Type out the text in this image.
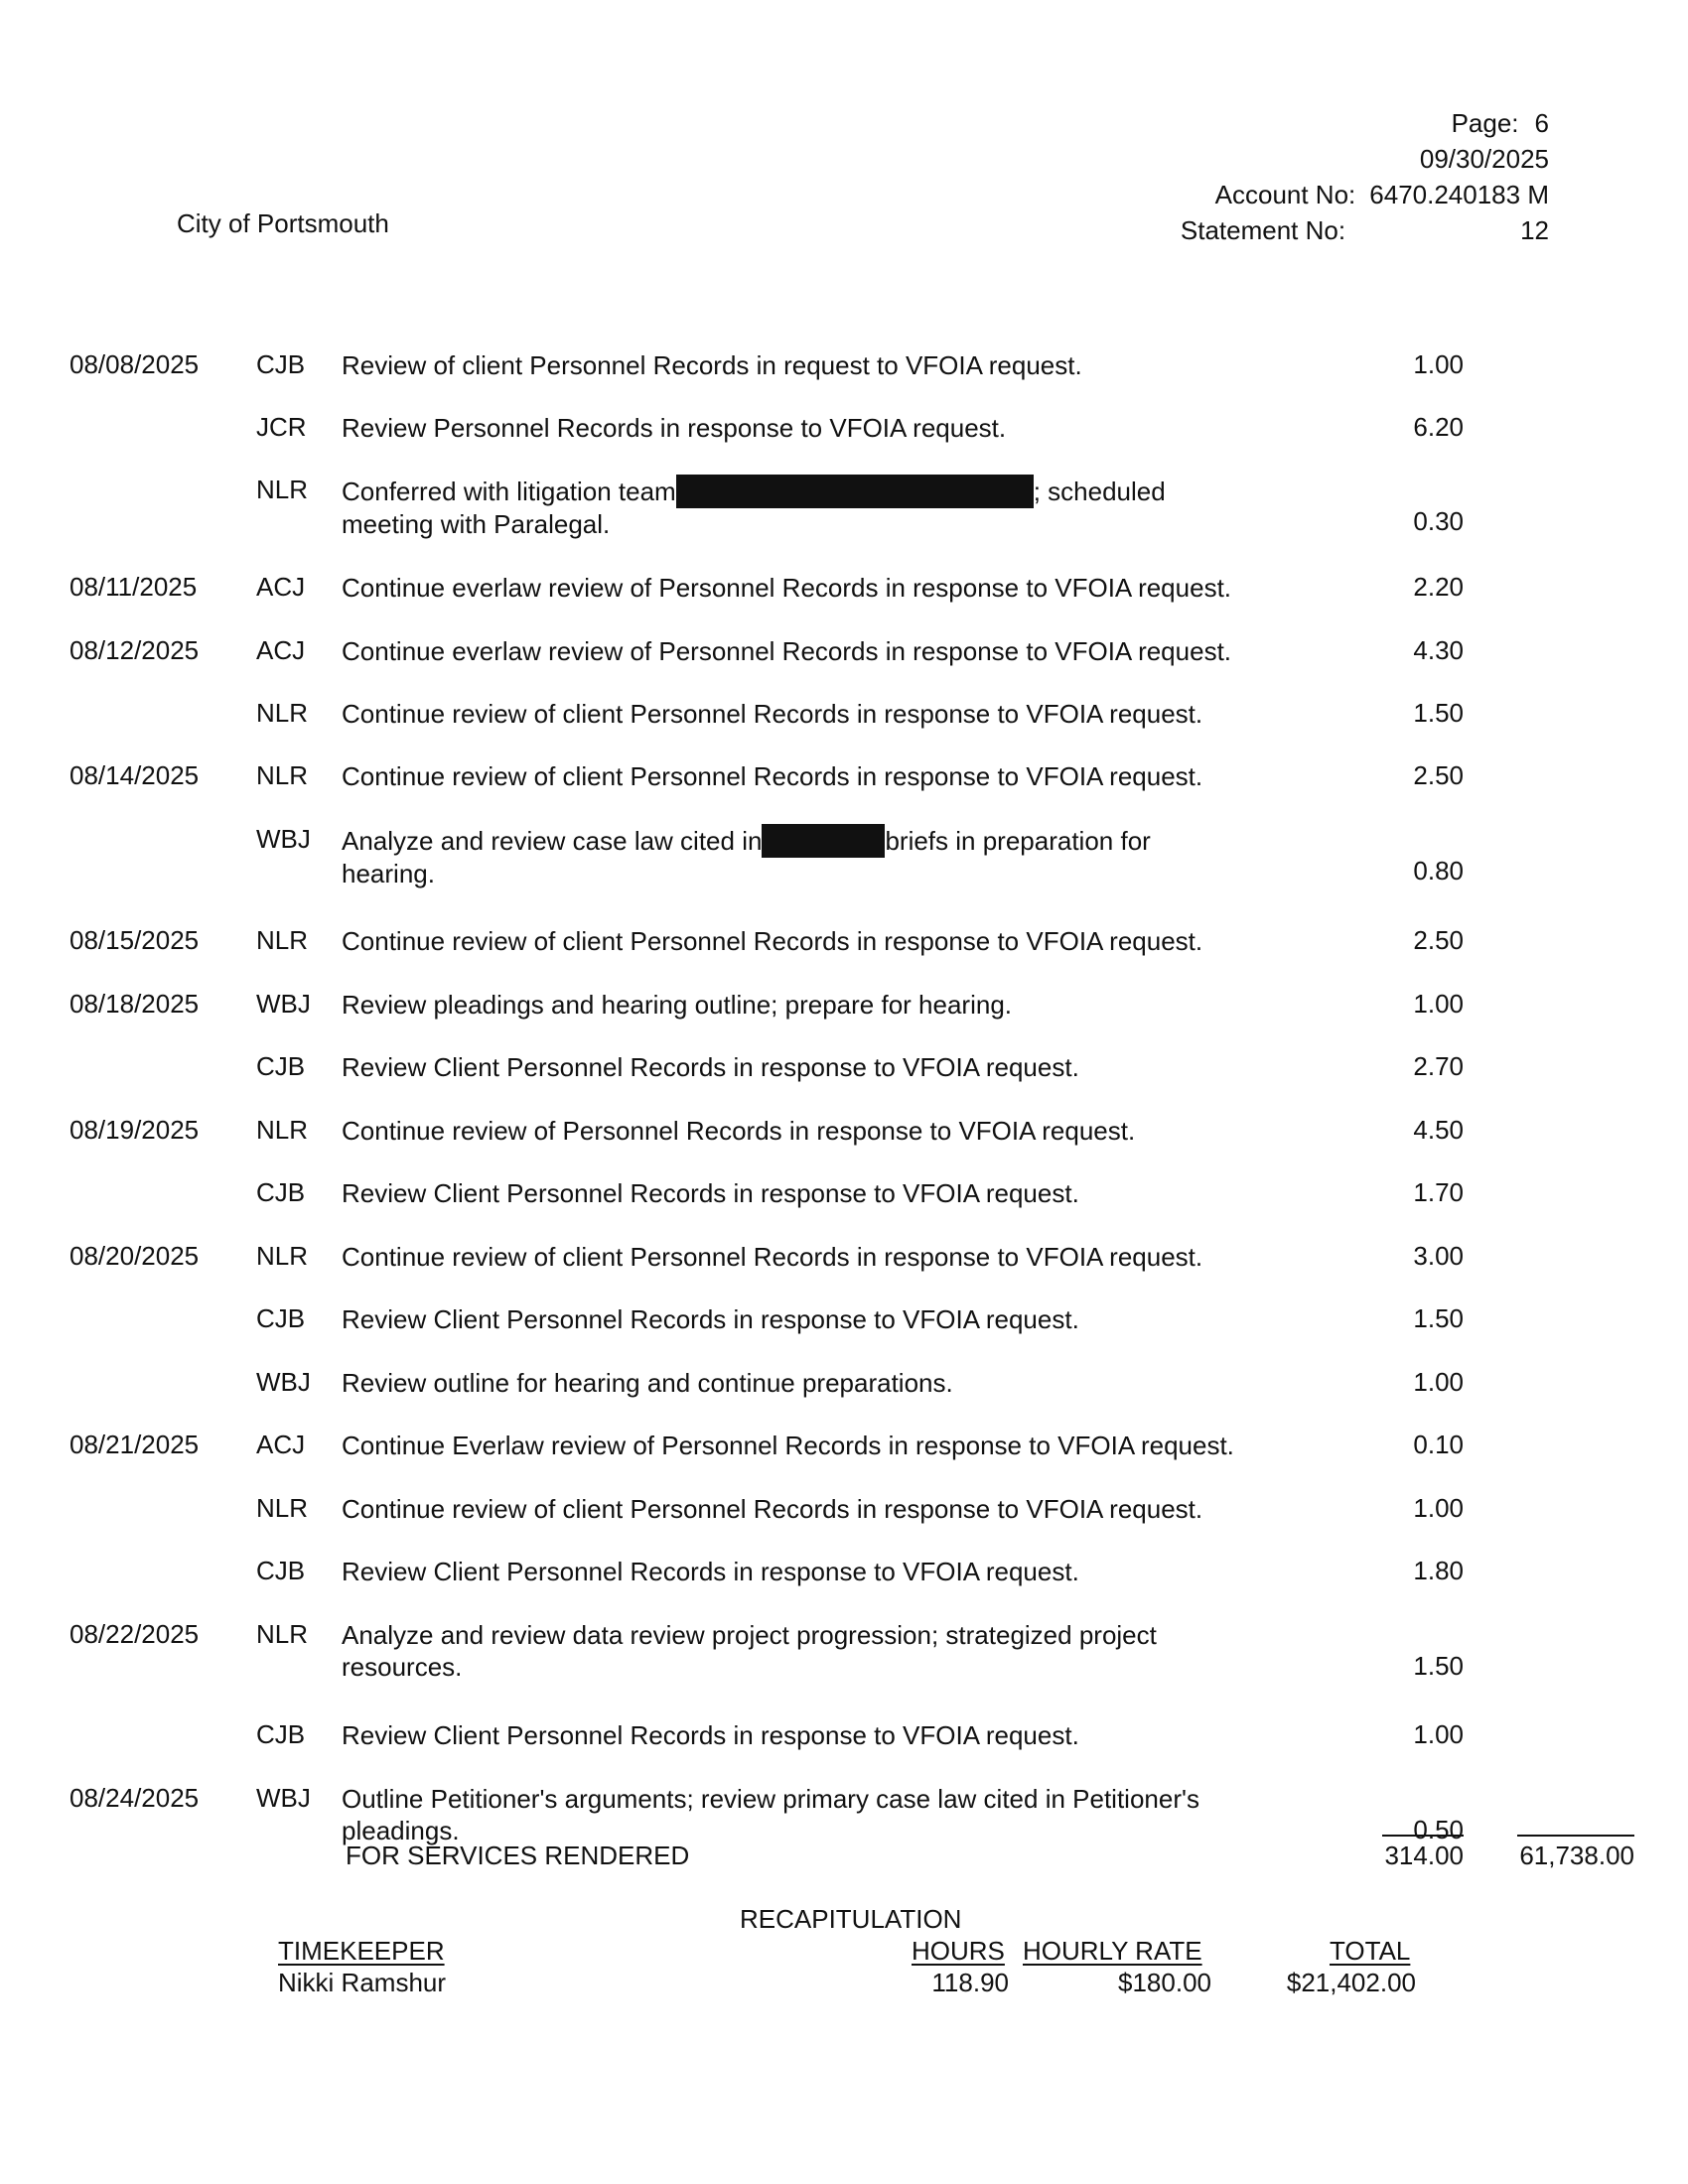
Page: 6
09/30/2025
Account No: 6470.240183 M
Statement No:	12
City of Portsmouth
08/08/2025 CJB Review of client Personnel Records in request to VFOIA request.	1.00
JCR Review Personnel Records in response to VFOIA request.	6.20
NLR Conferred with litigation team	; scheduled
meeting with Paralegal.	0.30
08/11/2025 ACJ Continue everlaw review of Personnel Records in response to VFOIA request.	2.20
08/12/2025 ACJ Continue everlaw review of Personnel Records in response to VFOIA request.	4.30
NLR Continue review of client Personnel Records in response to VFOIA request.	1.50
08/14/2025 NLR Continue review of client Personnel Records in response to VFOIA request.	2.50
WBJ Analyze and review case law cited in	briefs in preparation for
hearing.	0.80
08/15/2025 NLR Continue review of client Personnel Records in response to VFOIA request.	2.50
08/18/2025 WBJ Review pleadings and hearing outline; prepare for hearing.	1.00
CJB Review Client Personnel Records in response to VFOIA request.	2.70
08/19/2025 NLR Continue review of Personnel Records in response to VFOIA request.	4.50
CJB Review Client Personnel Records in response to VFOIA request.	1.70
08/20/2025 NLR Continue review of client Personnel Records in response to VFOIA request.	3.00
CJB Review Client Personnel Records in response to VFOIA request.	1.50
WBJ Review outline for hearing and continue preparations.	1.00
08/21/2025 ACJ Continue Everlaw review of Personnel Records in response to VFOIA request.	0.10
NLR Continue review of client Personnel Records in response to VFOIA request.	1.00
CJB Review Client Personnel Records in response to VFOIA request.	1.80
08/22/2025 NLR Analyze and review data review project progression; strategized project
resources.	1.50
CJB Review Client Personnel Records in response to VFOIA request.	1.00
08/24/2025 WBJ Outline Petitioner's arguments; review primary case law cited in Petitioner's
pleadings.	0.50
FOR SERVICES RENDERED	314.00	61,738.00
RECAPITULATION
TIMEKEEPER	HOURS HOURLY RATE	TOTAL
Nikki Ramshur	118.90	$180.00	$21,402.00
